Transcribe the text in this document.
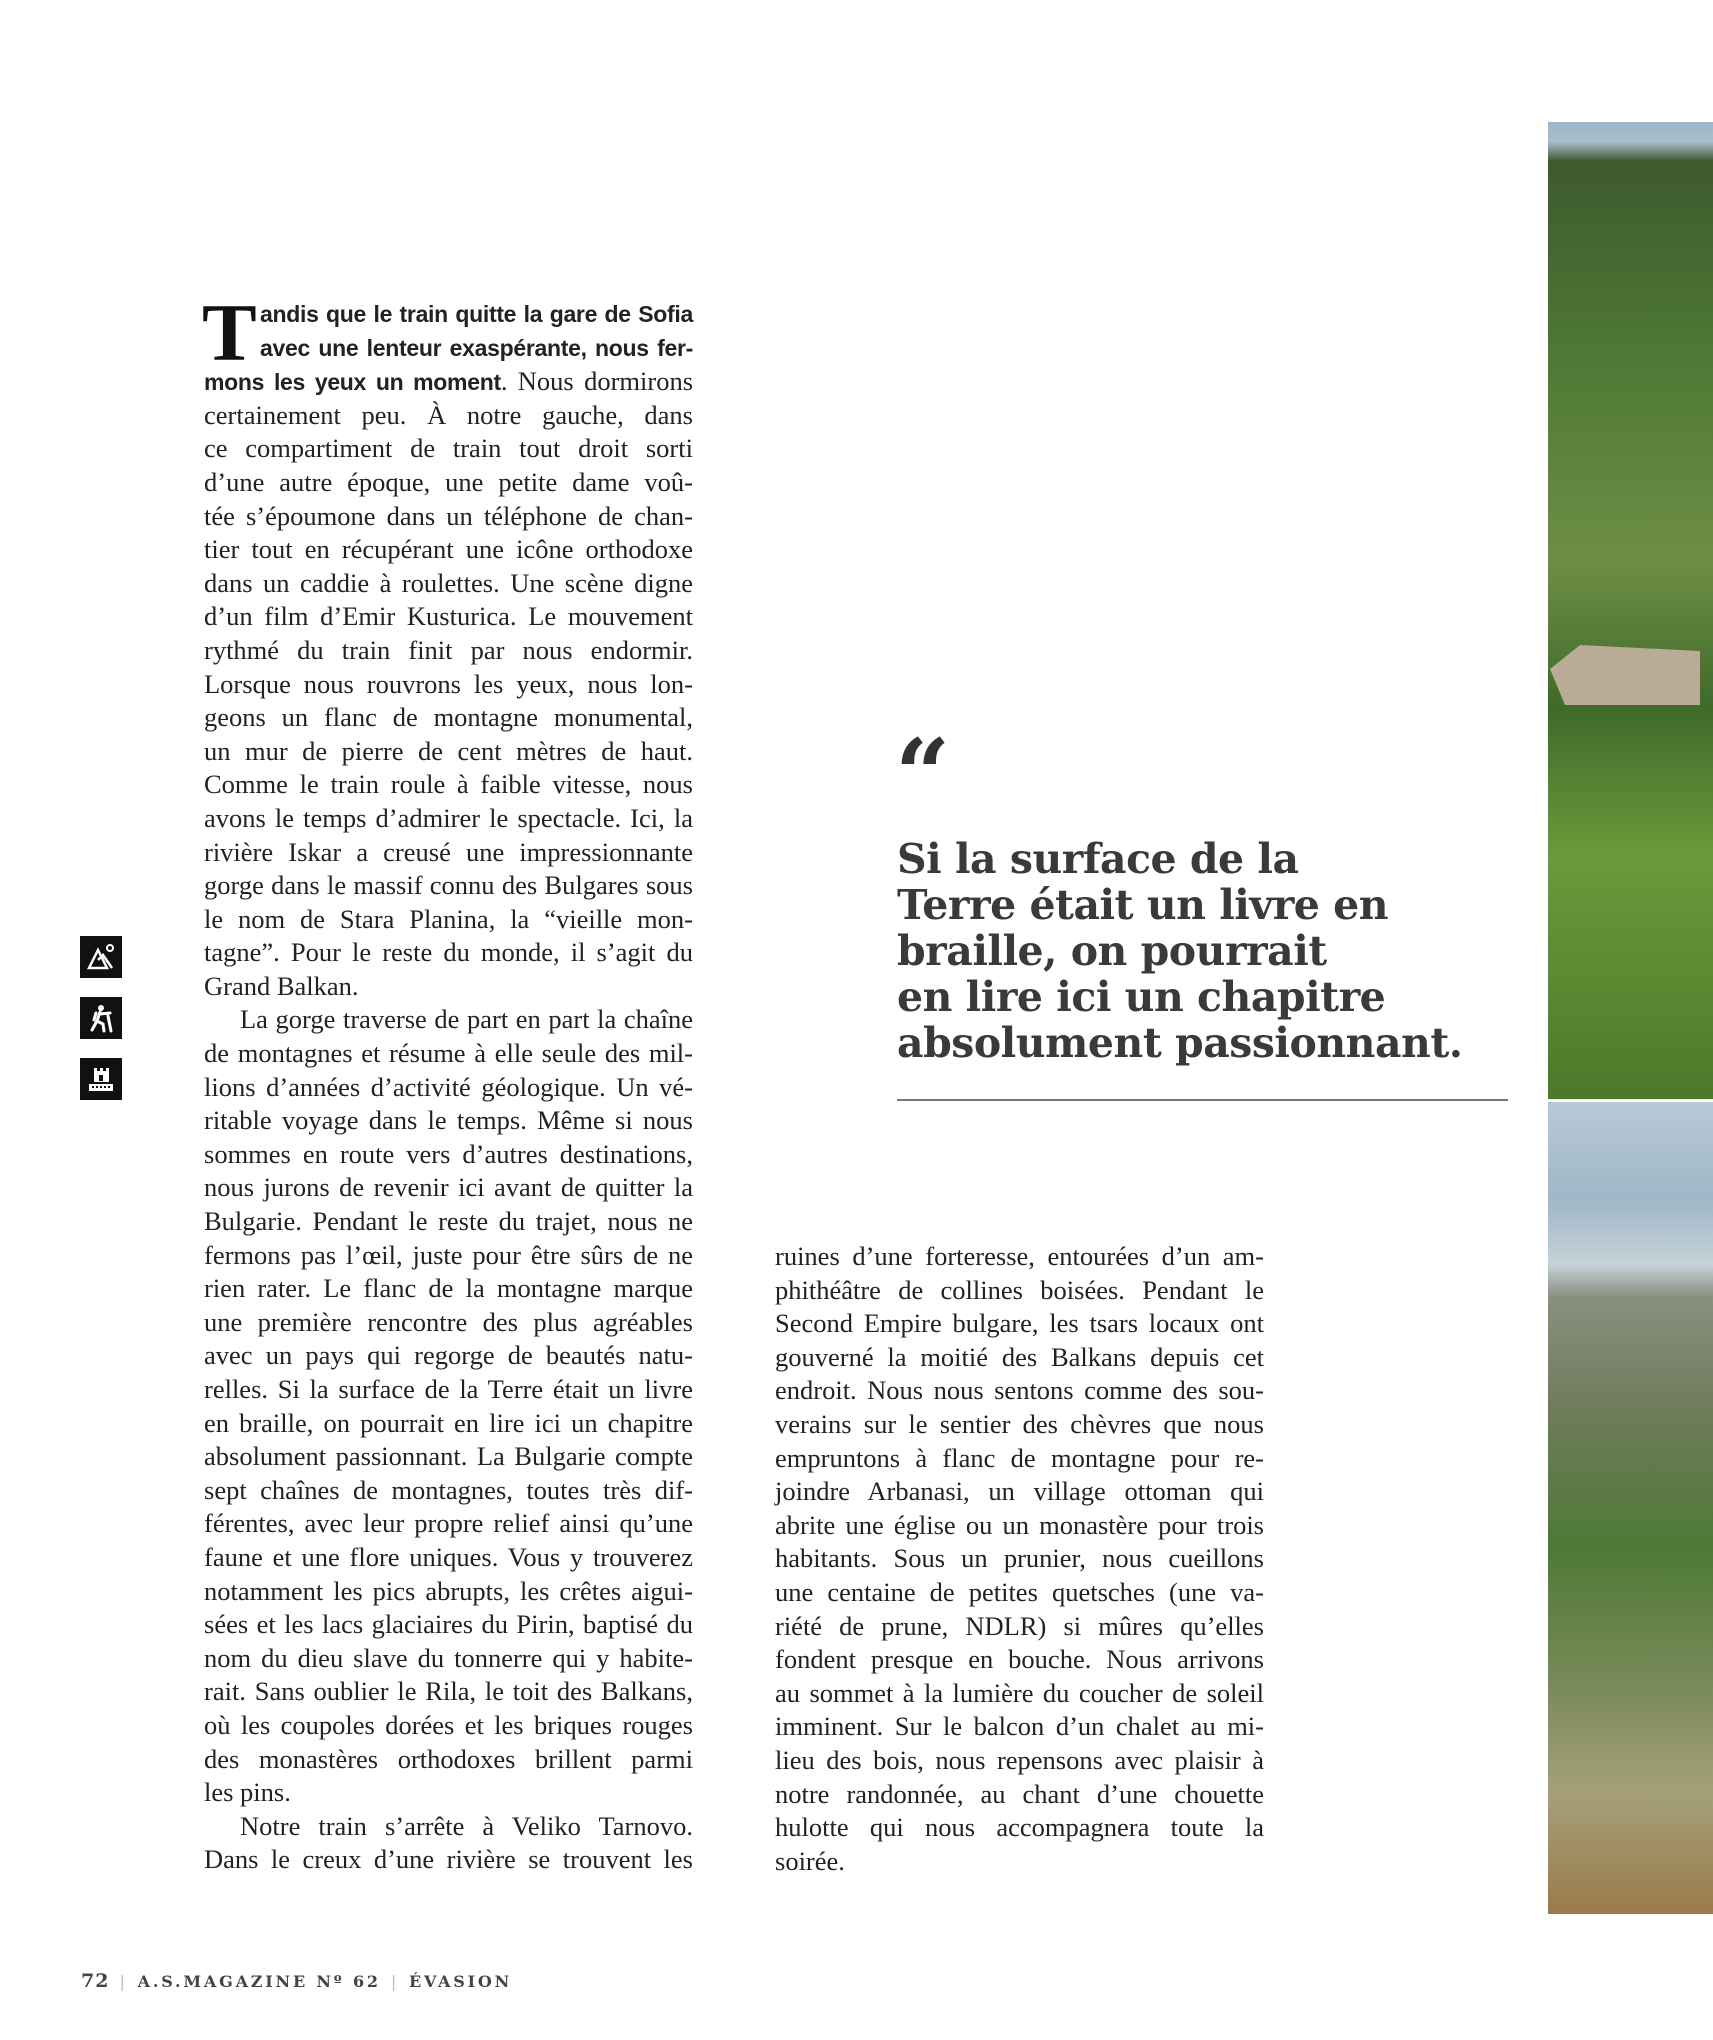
T andis que le train quitte la gare de Sofia
avec une lenteur exaspérante, nous fer-
mons les yeux un moment. Nous dormirons
certainement peu. À notre gauche, dans
ce compartiment de train tout droit sorti
d’une autre époque, une petite dame voû-
tée s’époumone dans un téléphone de chan-
tier tout en récupérant une icône orthodoxe
dans un caddie à roulettes. Une scène digne
d’un film d’Emir Kusturica. Le mouvement
rythmé du train finit par nous endormir.
Lorsque nous rouvrons les yeux, nous lon-
geons un flanc de montagne monumental,
un mur de pierre de cent mètres de haut.
Comme le train roule à faible vitesse, nous
avons le temps d’admirer le spectacle. Ici, la
rivière Iskar a creusé une impressionnante
gorge dans le massif connu des Bulgares sous
le nom de Stara Planina, la “vieille mon-
tagne”. Pour le reste du monde, il s’agit du
Grand Balkan.
La gorge traverse de part en part la chaîne
de montagnes et résume à elle seule des mil-
lions d’années d’activité géologique. Un vé-
ritable voyage dans le temps. Même si nous
sommes en route vers d’autres destinations,
nous jurons de revenir ici avant de quitter la
Bulgarie. Pendant le reste du trajet, nous ne
fermons pas l’œil, juste pour être sûrs de ne
rien rater. Le flanc de la montagne marque
une première rencontre des plus agréables
avec un pays qui regorge de beautés natu-
relles. Si la surface de la Terre était un livre
en braille, on pourrait en lire ici un chapitre
absolument passionnant. La Bulgarie compte
sept chaînes de montagnes, toutes très dif-
férentes, avec leur propre relief ainsi qu’une
faune et une flore uniques. Vous y trouverez
notamment les pics abrupts, les crêtes aigui-
sées et les lacs glaciaires du Pirin, baptisé du
nom du dieu slave du tonnerre qui y habite-
rait. Sans oublier le Rila, le toit des Balkans,
où les coupoles dorées et les briques rouges
des monastères orthodoxes brillent parmi
les pins.
Notre train s’arrête à Veliko Tarnovo.
Dans le creux d’une rivière se trouvent les
ruines d’une forteresse, entourées d’un am-
phithéâtre de collines boisées. Pendant le
Second Empire bulgare, les tsars locaux ont
gouverné la moitié des Balkans depuis cet
endroit. Nous nous sentons comme des sou-
verains sur le sentier des chèvres que nous
empruntons à flanc de montagne pour re-
joindre Arbanasi, un village ottoman qui
abrite une église ou un monastère pour trois
habitants. Sous un prunier, nous cueillons
une centaine de petites quetsches (une va-
riété de prune, NDLR) si mûres qu’elles
fondent presque en bouche. Nous arrivons
au sommet à la lumière du coucher de soleil
imminent. Sur le balcon d’un chalet au mi-
lieu des bois, nous repensons avec plaisir à
notre randonnée, au chant d’une chouette
hulotte qui nous accompagnera toute la
soirée.
“
Si la surface de la
Terre était un livre en
braille, on pourrait
en lire ici un chapitre
absolument passionnant.
72 | A.S.MAGAZINE Nº 62 | ÉVASION
